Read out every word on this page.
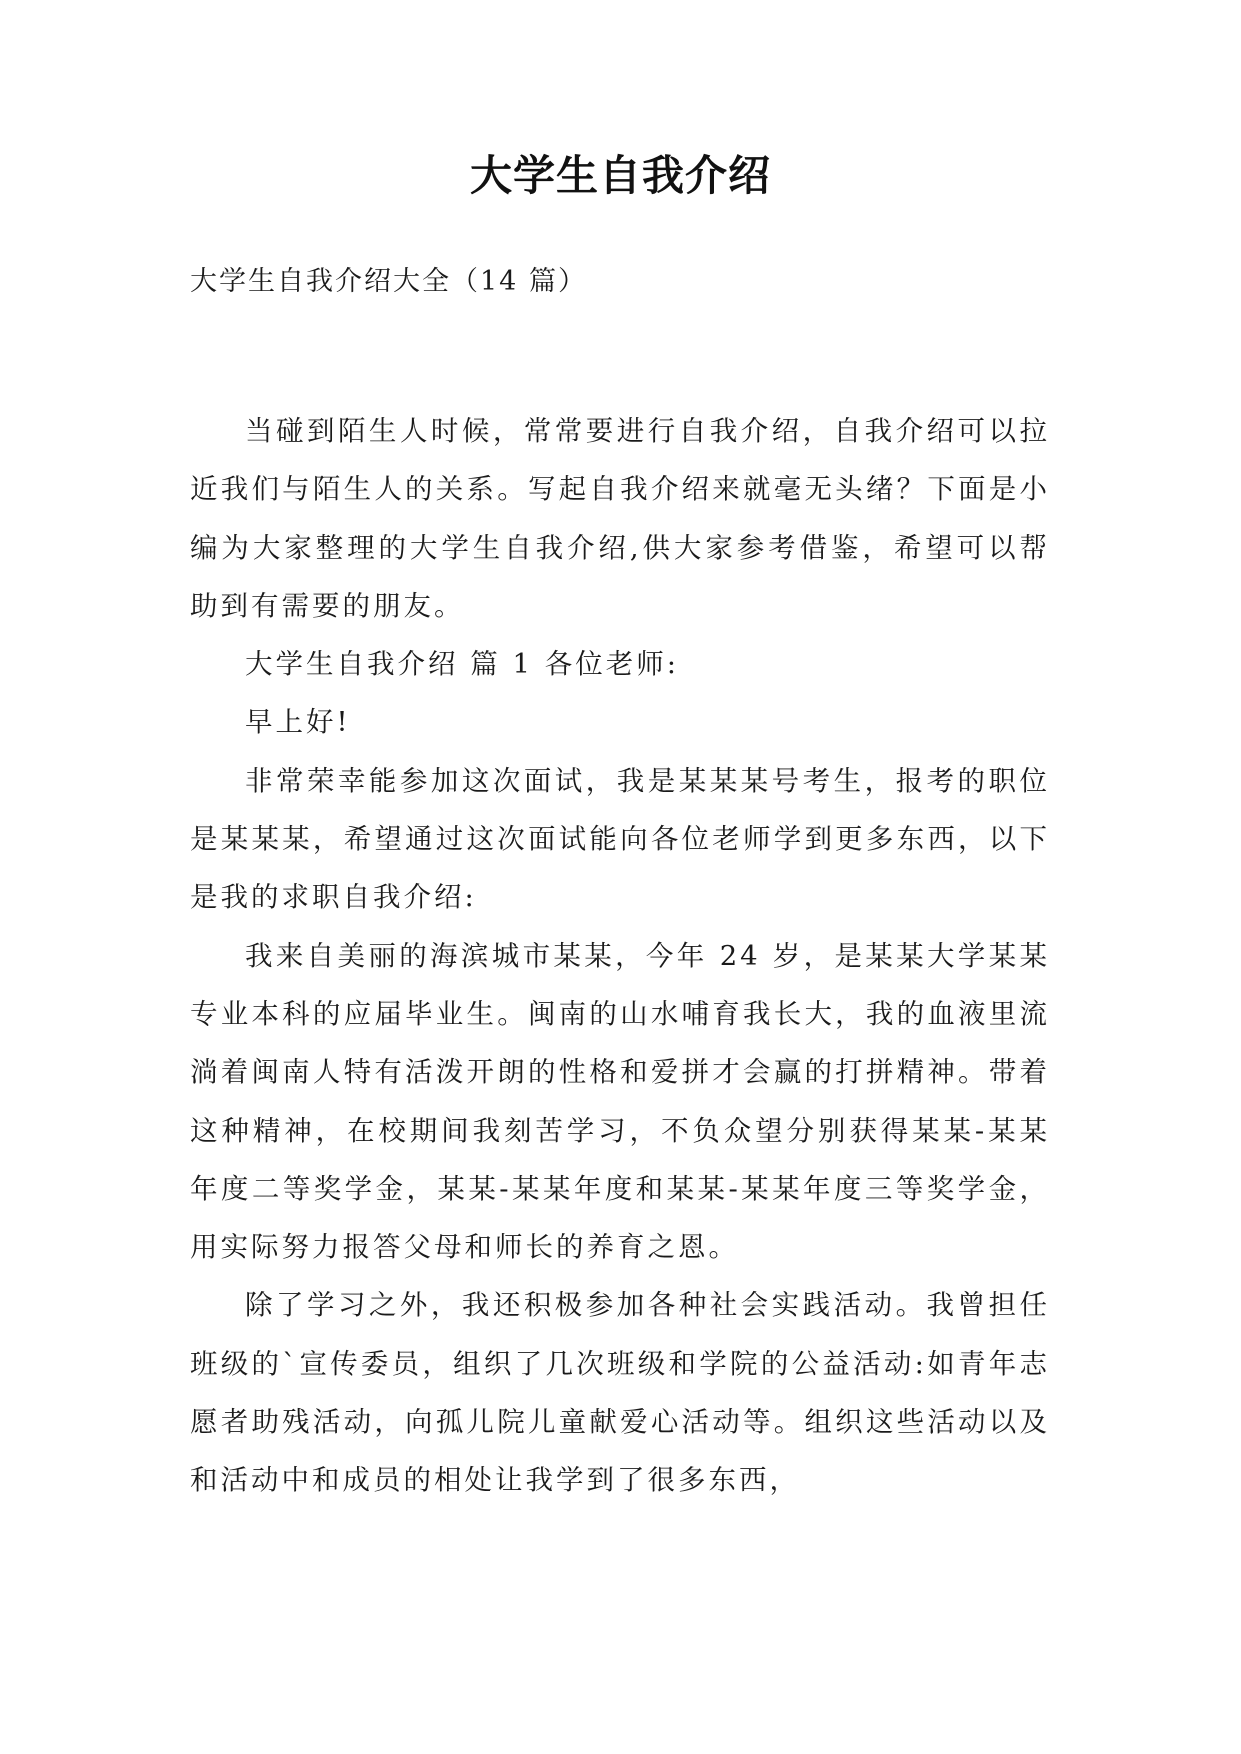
大学生自我介绍
大学生自我介绍大全（14 篇）

当碰到陌生人时候，常常要进行自我介绍，自我介绍可以拉近我们与陌生人的关系。写起自我介绍来就毫无头绪？下面是小编为大家整理的大学生自我介绍,供大家参考借鉴，希望可以帮助到有需要的朋友。

大学生自我介绍 篇 1 各位老师:

早上好!

非常荣幸能参加这次面试，我是某某某号考生，报考的职位是某某某，希望通过这次面试能向各位老师学到更多东西，以下是我的求职自我介绍:

我来自美丽的海滨城市某某，今年 24 岁，是某某大学某某专业本科的应届毕业生。闽南的山水哺育我长大，我的血液里流淌着闽南人特有活泼开朗的性格和爱拼才会赢的打拼精神。带着这种精神，在校期间我刻苦学习，不负众望分别获得某某-某某年度二等奖学金，某某-某某年度和某某-某某年度三等奖学金，用实际努力报答父母和师长的养育之恩。

除了学习之外，我还积极参加各种社会实践活动。我曾担任班级的`宣传委员，组织了几次班级和学院的公益活动:如青年志愿者助残活动，向孤儿院儿童献爱心活动等。组织这些活动以及和活动中和成员的相处让我学到了很多东西，
